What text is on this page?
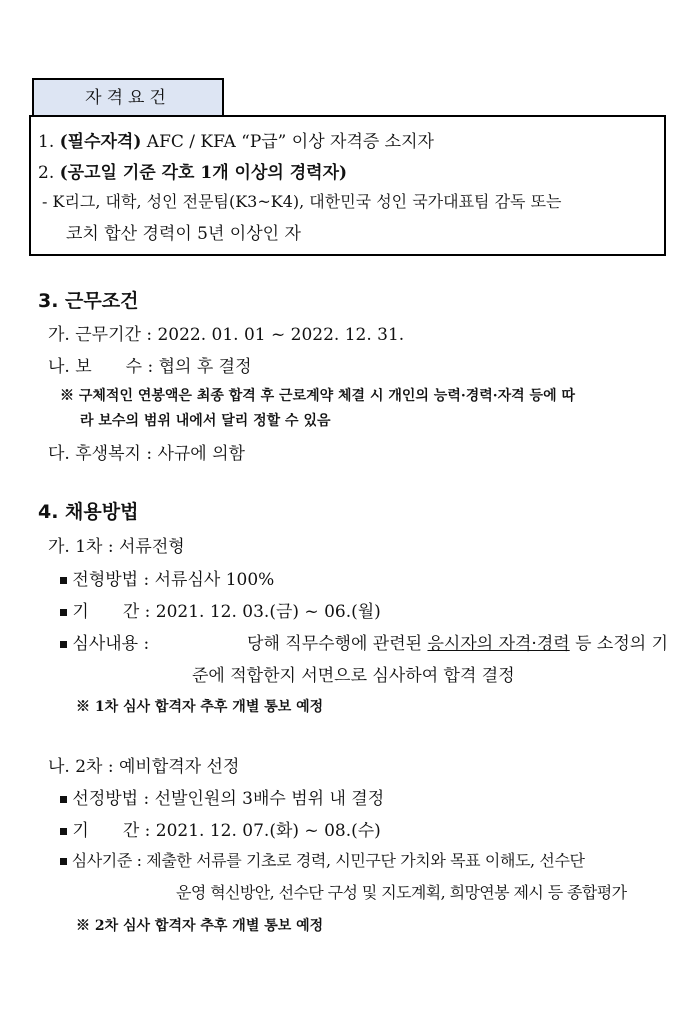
자격요건
1. (필수자격) AFC / KFA “P급” 이상 자격증 소지자
2. (공고일 기준 각호 1개 이상의 경력자)
- K리그, 대학, 성인 전문팀(K3~K4), 대한민국 성인 국가대표팀 감독 또는
코치 합산 경력이 5년 이상인 자
3. 근무조건
가. 근무기간 : 2022. 01. 01 ~ 2022. 12. 31.
나. 보　　수 : 협의 후 결정
※ 구체적인 연봉액은 최종 합격 후 근로계약 체결 시 개인의 능력·경력·자격 등에 따
라 보수의 범위 내에서 달리 정할 수 있음
다. 후생복지 : 사규에 의함
4. 채용방법
가. 1차 : 서류전형
전형방법 : 서류심사 100%
기　　간 : 2021. 12. 03.(금) ~ 06.(월)
심사내용 :	당해 직무수행에 관련된 응시자의 자격·경력 등 소정의 기
준에 적합한지 서면으로 심사하여 합격 결정
※ 1차 심사 합격자 추후 개별 통보 예정
나. 2차 : 예비합격자 선정
선정방법 : 선발인원의 3배수 범위 내 결정
기　　간 : 2021. 12. 07.(화) ~ 08.(수)
심사기준 : 제출한 서류를 기초로 경력, 시민구단 가치와 목표 이해도, 선수단
운영 혁신방안, 선수단 구성 및 지도계획, 희망연봉 제시 등 종합평가
※ 2차 심사 합격자 추후 개별 통보 예정
